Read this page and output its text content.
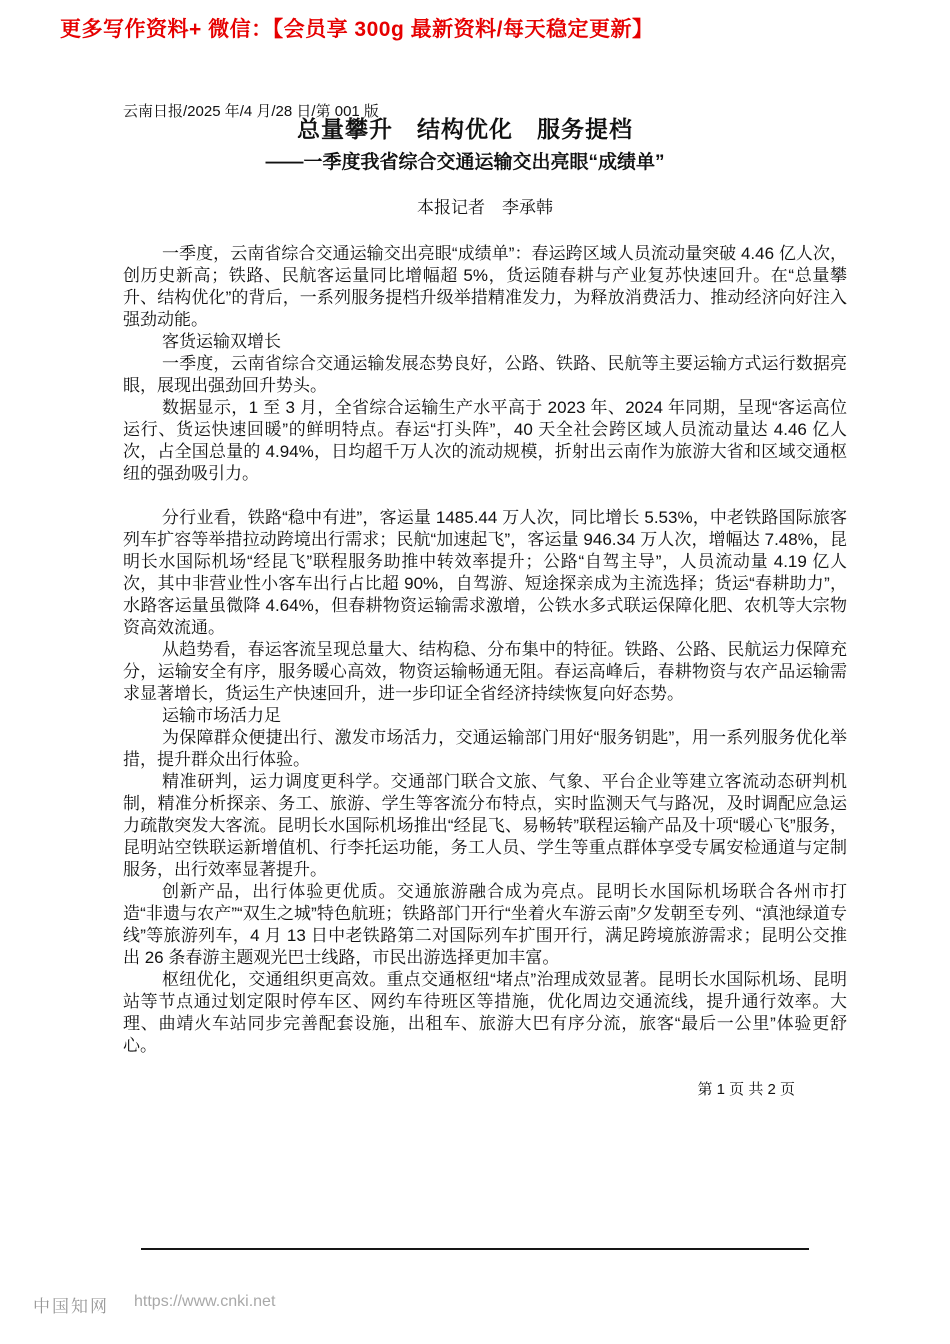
更多写作资料+ 微信：【会员享 300g 最新资料/每天稳定更新】
云南日报/2025 年/4 月/28 日/第 001 版
总量攀升　结构优化　服务提档
——一季度我省综合交通运输交出亮眼“成绩单”
本报记者　李承韩

一季度，云南省综合交通运输交出亮眼“成绩单”：春运跨区域人员流动量突破 4.46 亿人次，创历史新高；铁路、民航客运量同比增幅超 5%，货运随春耕与产业复苏快速回升。在“总量攀升、结构优化”的背后，一系列服务提档升级举措精准发力，为释放消费活力、推动经济向好注入强劲动能。

客货运输双增长

一季度，云南省综合交通运输发展态势良好，公路、铁路、民航等主要运输方式运行数据亮眼，展现出强劲回升势头。

数据显示，1 至 3 月，全省综合运输生产水平高于 2023 年、2024 年同期，呈现“客运高位运行、货运快速回暖”的鲜明特点。春运“打头阵”，40 天全社会跨区域人员流动量达 4.46 亿人次，占全国总量的 4.94%，日均超千万人次的流动规模，折射出云南作为旅游大省和区域交通枢纽的强劲吸引力。

分行业看，铁路“稳中有进”，客运量 1485.44 万人次，同比增长 5.53%，中老铁路国际旅客列车扩容等举措拉动跨境出行需求；民航“加速起飞”，客运量 946.34 万人次，增幅达 7.48%，昆明长水国际机场“经昆飞”联程服务助推中转效率提升；公路“自驾主导”，人员流动量 4.19 亿人次，其中非营业性小客车出行占比超 90%，自驾游、短途探亲成为主流选择；货运“春耕助力”，水路客运量虽微降 4.64%，但春耕物资运输需求激增，公铁水多式联运保障化肥、农机等大宗物资高效流通。

从趋势看，春运客流呈现总量大、结构稳、分布集中的特征。铁路、公路、民航运力保障充分，运输安全有序，服务暖心高效，物资运输畅通无阻。春运高峰后，春耕物资与农产品运输需求显著增长，货运生产快速回升，进一步印证全省经济持续恢复向好态势。

运输市场活力足

为保障群众便捷出行、激发市场活力，交通运输部门用好“服务钥匙”，用一系列服务优化举措，提升群众出行体验。

精准研判，运力调度更科学。交通部门联合文旅、气象、平台企业等建立客流动态研判机制，精准分析探亲、务工、旅游、学生等客流分布特点，实时监测天气与路况，及时调配应急运力疏散突发大客流。昆明长水国际机场推出“经昆飞、易畅转”联程运输产品及十项“暖心飞”服务，昆明站空铁联运新增值机、行李托运功能，务工人员、学生等重点群体享受专属安检通道与定制服务，出行效率显著提升。

创新产品，出行体验更优质。交通旅游融合成为亮点。昆明长水国际机场联合各州市打造“非遗与农产”“双生之城”特色航班；铁路部门开行“坐着火车游云南”夕发朝至专列、“滇池绿道专线”等旅游列车，4 月 13 日中老铁路第二对国际列车扩围开行，满足跨境旅游需求；昆明公交推出 26 条春游主题观光巴士线路，市民出游选择更加丰富。

枢纽优化，交通组织更高效。重点交通枢纽“堵点”治理成效显著。昆明长水国际机场、昆明站等节点通过划定限时停车区、网约车待班区等措施，优化周边交通流线，提升通行效率。大理、曲靖火车站同步完善配套设施，出租车、旅游大巴有序分流，旅客“最后一公里”体验更舒心。

第 1 页 共 2 页
中国知网 https://www.cnki.net
